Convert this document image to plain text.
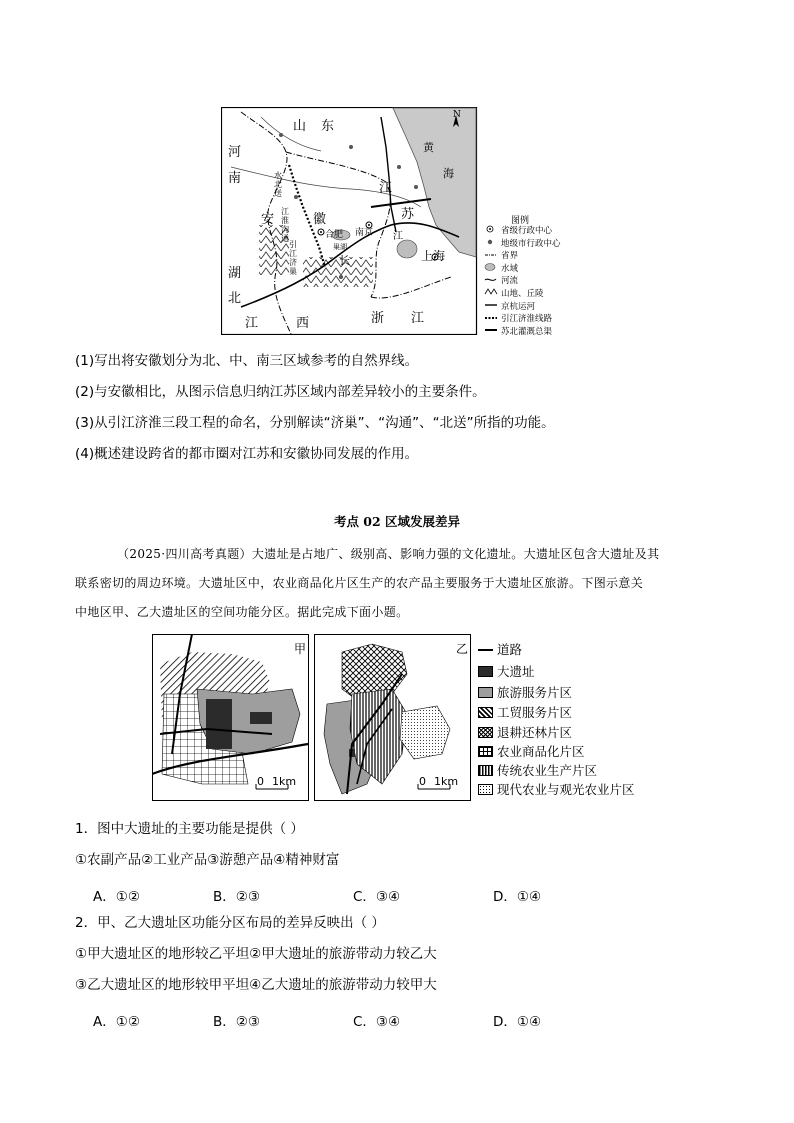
N
山 东
河
南
黄
海
江
苏
安	徽
水北送
江淮沟通
引江济巢
合肥 南京
巢湖
上海
长
江
湖
北
江	西	浙 江
图例
省级行政中心
地级市行政中心
省界
水域
河流
山地、丘陵
京杭运河
引江济淮线路
苏北灌溉总渠
(1)写出将安徽划分为北、中、南三区域参考的自然界线。
(2)与安徽相比，从图示信息归纳江苏区域内部差异较小的主要条件。
(3)从引江济淮三段工程的命名，分别解读“济巢”、“沟通”、“北送”所指的功能。
(4)概述建设跨省的都市圈对江苏和安徽协同发展的作用。
考点 02 区域发展差异
（2025·四川高考真题）大遗址是占地广、级别高、影响力强的文化遗址。大遗址区包含大遗址及其
联系密切的周边环境。大遗址区中，农业商品化片区生产的农产品主要服务于大遗址区旅游。下图示意关
中地区甲、乙大遗址区的空间功能分区。据此完成下面小题。
甲	乙
0 1km	0 1km
道路
大遗址
旅游服务片区
工贸服务片区
退耕还林片区
农业商品化片区
传统农业生产片区
现代农业与观光农业片区
1．图中大遗址的主要功能是提供（ ）
①农副产品②工业产品③游憩产品④精神财富
A．①②	B．②③	C．③④	D．①④
2．甲、乙大遗址区功能分区布局的差异反映出（ ）
①甲大遗址区的地形较乙平坦②甲大遗址的旅游带动力较乙大
③乙大遗址区的地形较甲平坦④乙大遗址的旅游带动力较甲大
A．①②	B．②③	C．③④	D．①④
